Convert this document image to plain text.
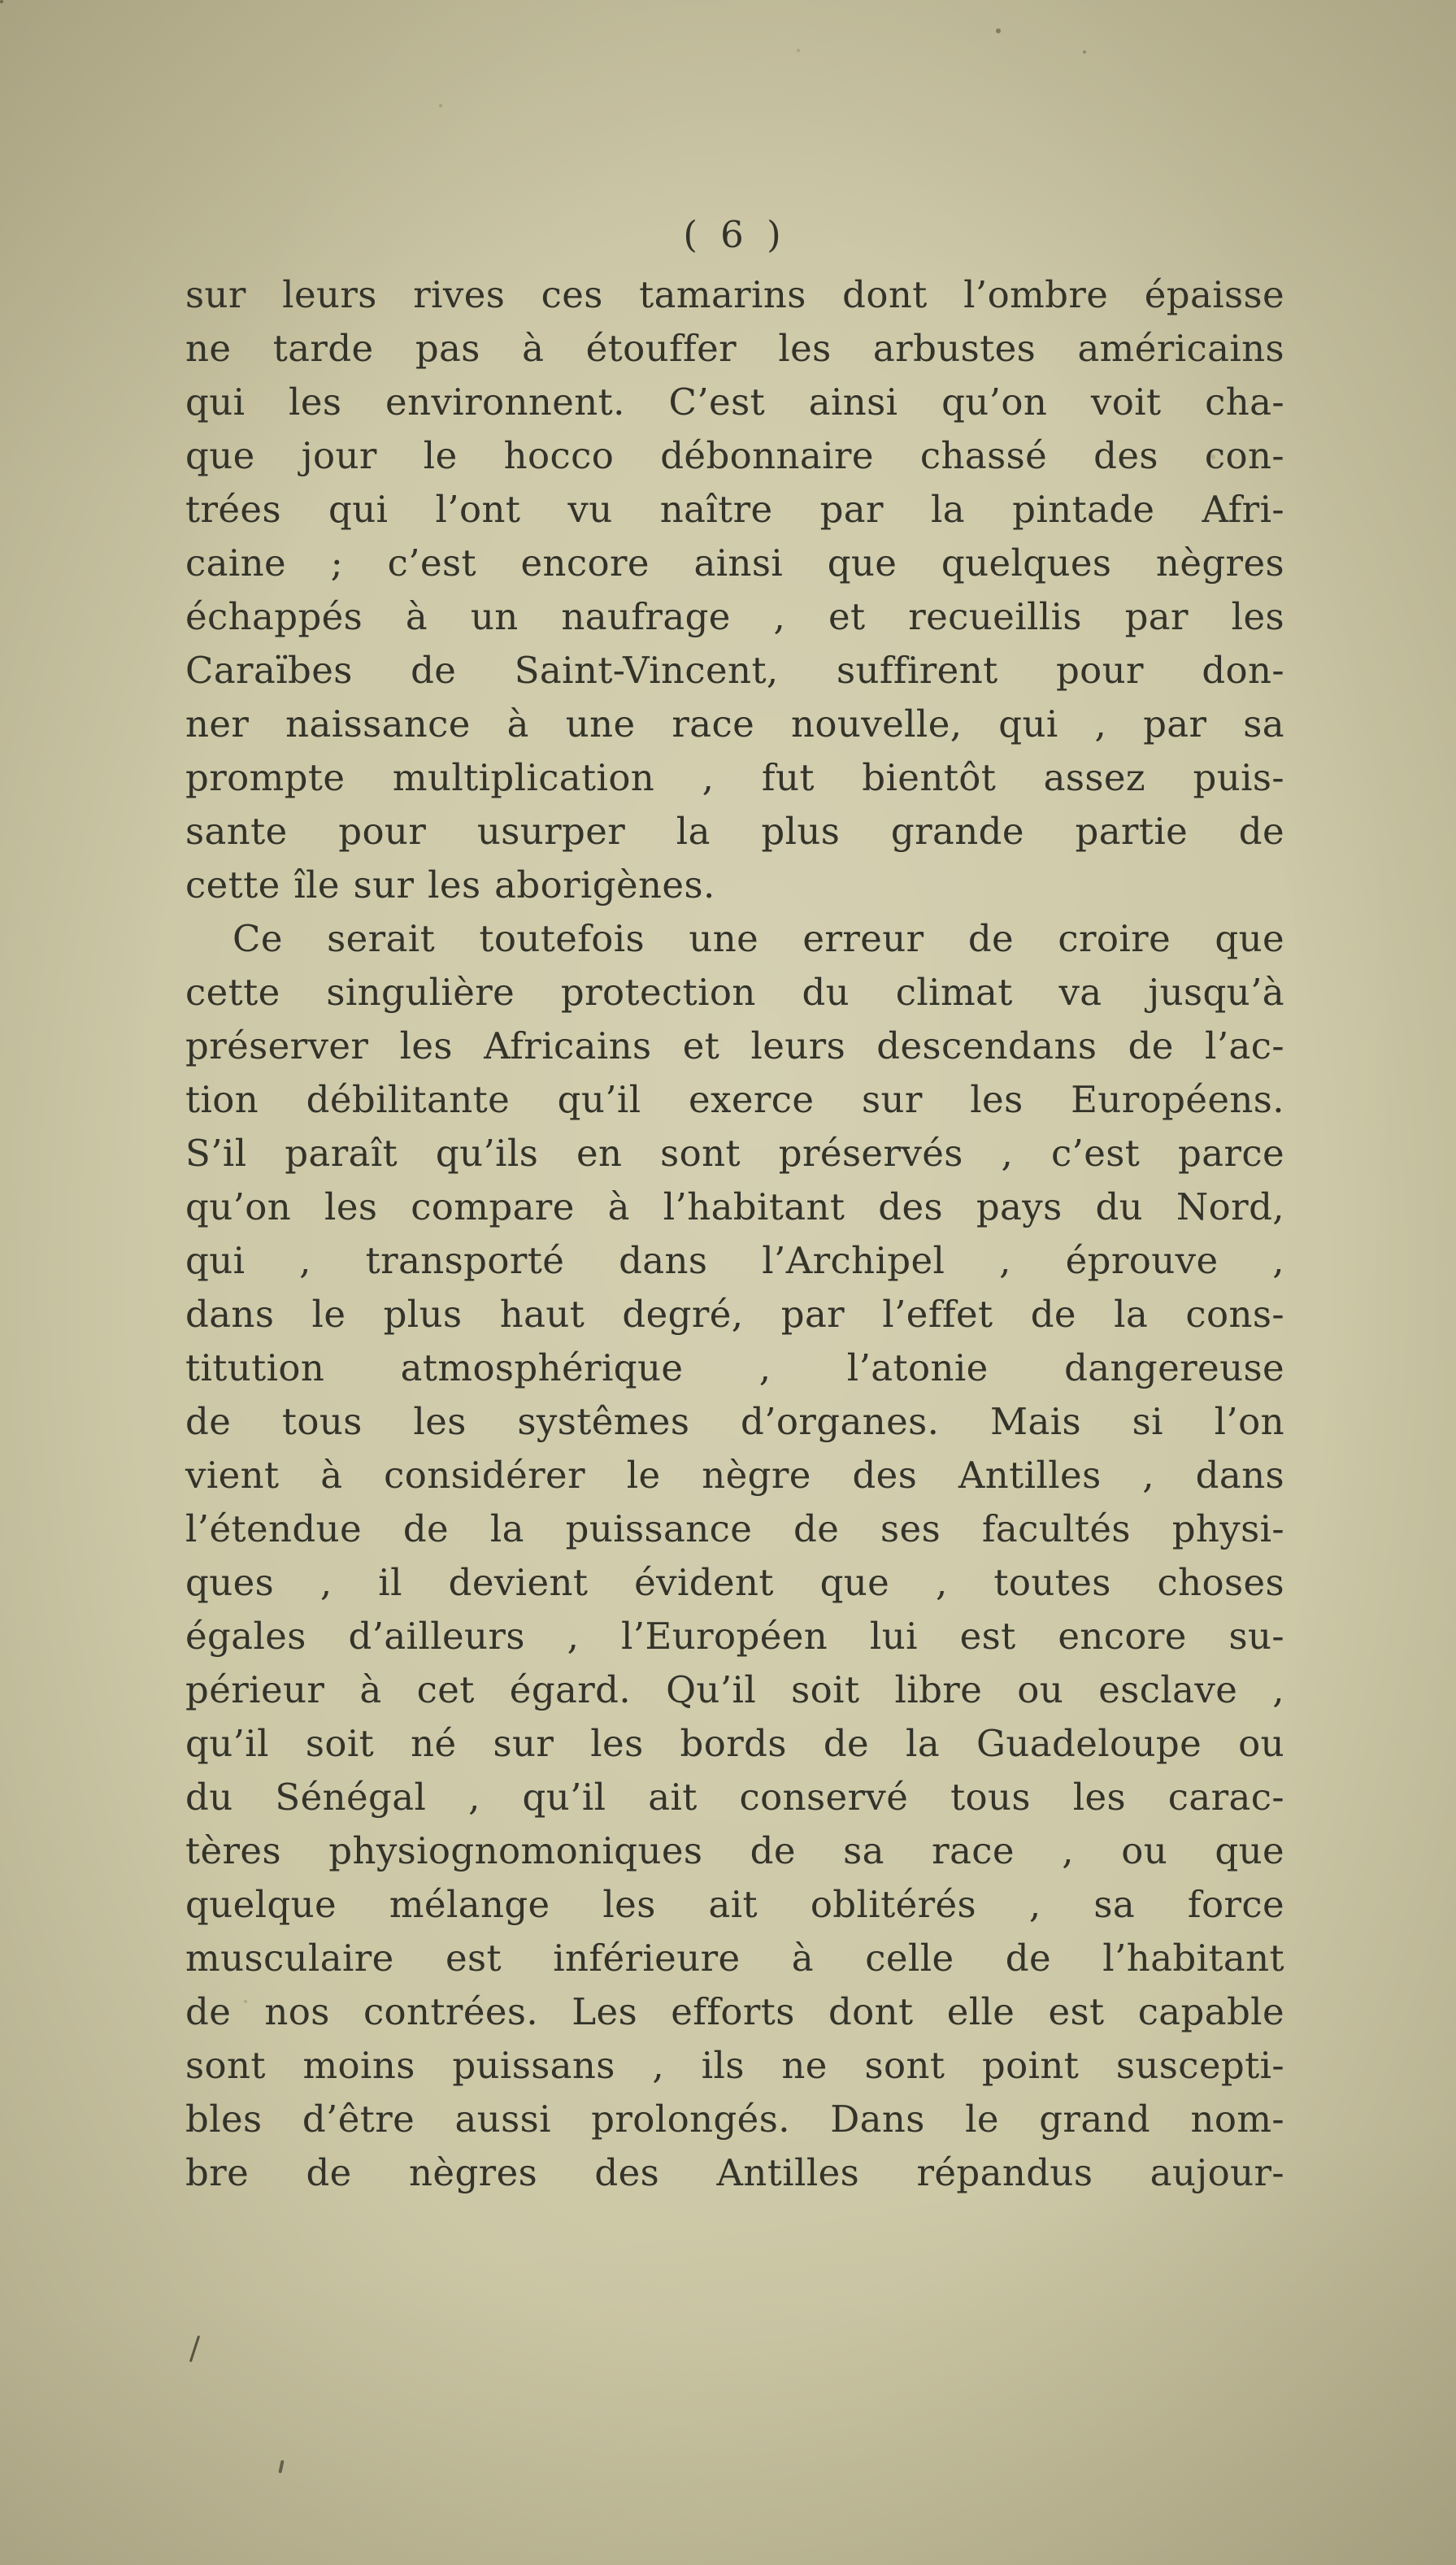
( 6 )
sur leurs rives ces tamarins dont l’ombre épaisse
ne tarde pas à étouffer les arbustes américains
qui les environnent. C’est ainsi qu’on voit cha-
que jour le hocco débonnaire chassé des con-
trées qui l’ont vu naître par la pintade Afri-
caine ; c’est encore ainsi que quelques nègres
échappés à un naufrage , et recueillis par les
Caraïbes de Saint-Vincent, suffirent pour don-
ner naissance à une race nouvelle, qui , par sa
prompte multiplication , fut bientôt assez puis-
sante pour usurper la plus grande partie de
cette île sur les aborigènes.
Ce serait toutefois une erreur de croire que
cette singulière protection du climat va jusqu’à
préserver les Africains et leurs descendans de l’ac-
tion débilitante qu’il exerce sur les Européens.
S’il paraît qu’ils en sont préservés , c’est parce
qu’on les compare à l’habitant des pays du Nord,
qui , transporté dans l’Archipel , éprouve ,
dans le plus haut degré, par l’effet de la cons-
titution atmosphérique , l’atonie dangereuse
de tous les systêmes d’organes. Mais si l’on
vient à considérer le nègre des Antilles , dans
l’étendue de la puissance de ses facultés physi-
ques , il devient évident que , toutes choses
égales d’ailleurs , l’Européen lui est encore su-
périeur à cet égard. Qu’il soit libre ou esclave ,
qu’il soit né sur les bords de la Guadeloupe ou
du Sénégal , qu’il ait conservé tous les carac-
tères physiognomoniques de sa race , ou que
quelque mélange les ait oblitérés , sa force
musculaire est inférieure à celle de l’habitant
de nos contrées. Les efforts dont elle est capable
sont moins puissans , ils ne sont point suscepti-
bles d’être aussi prolongés. Dans le grand nom-
bre de nègres des Antilles répandus aujour-
